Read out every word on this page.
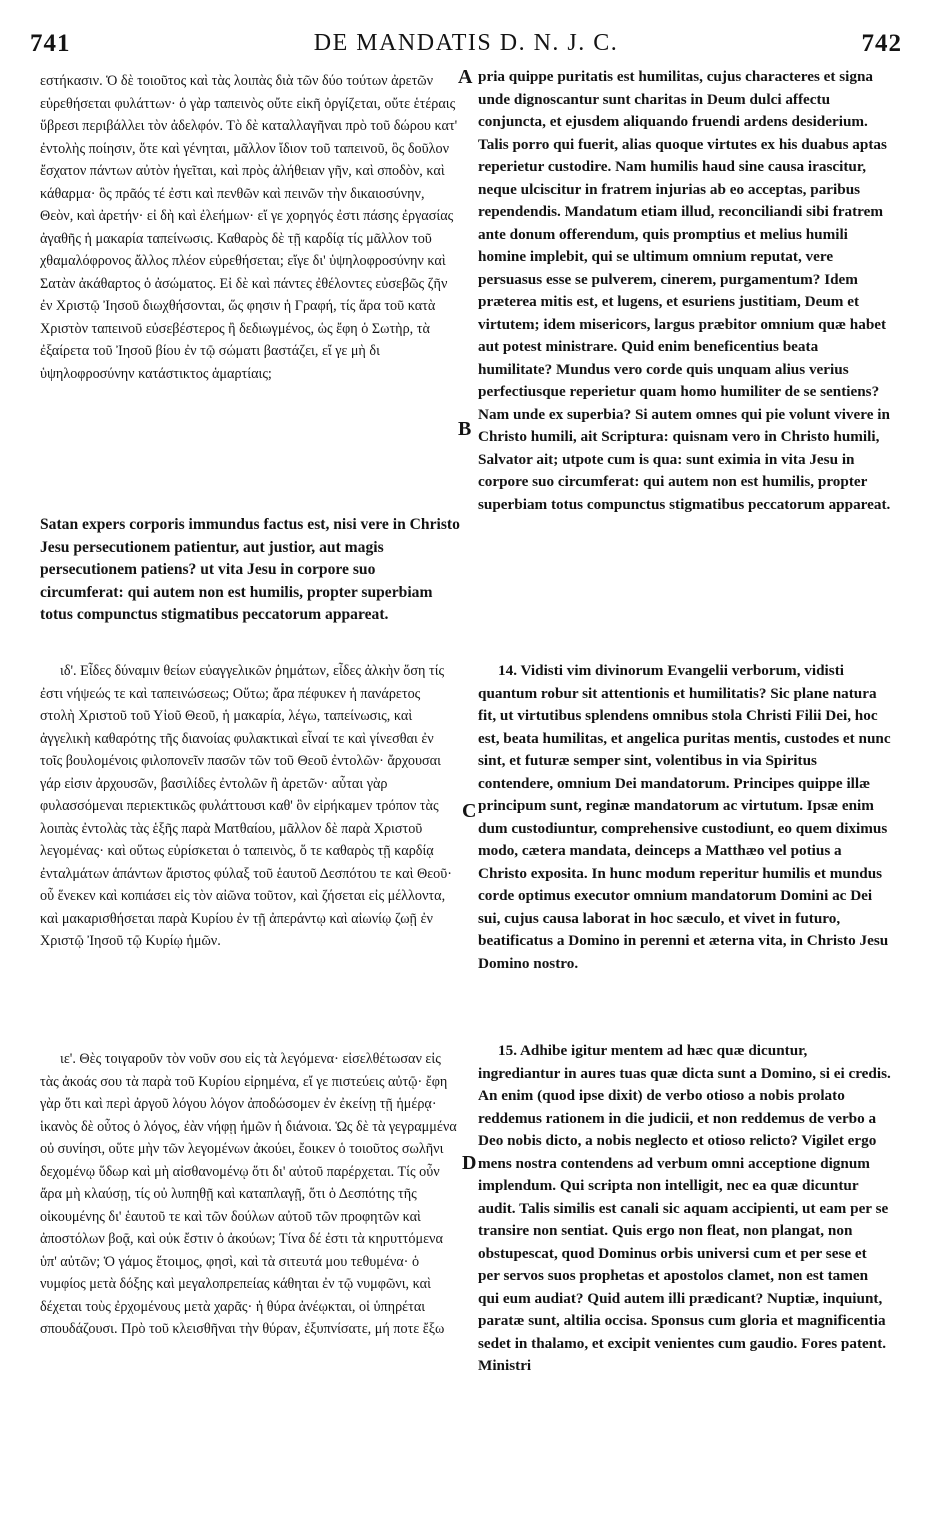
741	DE MANDATIS D. N. J. C.	742

εστήκασιν. Ὁ δὲ τοιοῦτος καὶ τὰς λοιπὰς διὰ τῶν δύο τούτων ἀρετῶν εὑρεθήσεται φυλάττων· ὁ γὰρ ταπεινὸς οὔτε εἰκῆ ὀργίζεται, οὔτε ἑτέραις ὕβρεσι περιβάλλει τὸν ἀδελφόν. Τὸ δὲ καταλλαγῆναι πρὸ τοῦ δώρου κατ' ἐντολὴς ποίησιν, ὅτε καὶ γένηται, μᾶλλον ἴδιον τοῦ ταπεινοῦ, ὃς δοῦλον ἔσχατον πάντων αὐτὸν ἡγεῖται, καὶ πρὸς ἀλήθειαν γῆν, καὶ σποδὸν, καὶ κάθαρμα· ὃς πρᾶός τέ ἐστι καὶ πενθῶν καὶ πεινῶν τὴν δικαιοσύνην, Θεὸν, καὶ ἀρετήν· εἰ δὴ καὶ ἐλεήμων· εἴ γε χορηγός ἐστι πάσης ἐργασίας ἀγαθῆς ἡ μακαρία ταπείνωσις. Καθαρὸς δὲ τῇ καρδίᾳ τίς μᾶλλον τοῦ χθαμαλόφρονος ἄλλος πλέον εὑρεθήσεται; εἴγε δι' ὑψηλοφροσύνην καὶ Σατὰν ἀκάθαρτος ὁ ἀσώματος. Εἰ δὲ καὶ πάντες ἐθέλοντες εὐσεβῶς ζῆν ἐν Χριστῷ Ἰησοῦ διωχθήσονται, ὥς φησιν ἡ Γραφή, τίς ἄρα τοῦ κατὰ Χριστὸν ταπεινοῦ εὐσεβέστερος ἢ δεδιωγμένος, ὡς ἔφη ὁ Σωτὴρ, τὰ ἐξαίρετα τοῦ Ἰησοῦ βίου ἐν τῷ σώματι βαστάζει, εἴ γε μὴ δι ὑψηλοφροσύνην κατάστικτος ἁμαρτίαις;

pria quippe puritatis est humilitas, cujus characteres et signa unde dignoscantur sunt charitas in Deum dulci affectu conjuncta, et ejusdem aliquando fruendi ardens desiderium. Talis porro qui fuerit, alias quoque virtutes ex his duabus aptas reperietur custodire. Nam humilis haud sine causa irascitur, neque ulciscitur in fratrem injurias ab eo acceptas, paribus rependendis. Mandatum etiam illud, reconciliandi sibi fratrem ante donum offerendum, quis promptius et melius humili homine implebit, qui se ultimum omnium reputat, vere persuasus esse se pulverem, cinerem, purgamentum? Idem præterea mitis est, et lugens, et esuriens justitiam, Deum et virtutem; idem misericors, largus præbitor omnium quæ habet aut potest ministrare. Quid enim beneficentius beata humilitate? Mundus vero corde quis unquam alius verius perfectiusque reperietur quam homo humiliter de se sentiens? Nam unde ex superbia? Si autem omnes qui pie volunt vivere in Christo humili, ait Scriptura: quisnam vero in Christo humili, Salvator ait; utpote cum is qua: sunt eximia in vita Jesu in corpore suo circumferat: qui autem non est humilis, propter superbiam totus compunctus stigmatibus peccatorum appareat.

Satan expers corporis immundus factus est, nisi vere in Christo Jesu persecutionem patientur, aut justior, aut magis persecutionem patiens? ut vita Jesu in corpore suo circumferat: qui autem non est humilis, propter superbiam totus compunctus stigmatibus peccatorum appareat.

ιδ'. Εἶδες δύναμιν θείων εὐαγγελικῶν ῥημάτων, εἶδες ἀλκὴν ὅση τίς ἐστι νήψεώς τε καὶ ταπεινώσεως; Οὕτω; ἄρα πέφυκεν ἡ πανάρετος στολὴ Χριστοῦ τοῦ Υἱοῦ Θεοῦ, ἡ μακαρία, λέγω, ταπείνωσις, καὶ ἀγγελικὴ καθαρότης τῆς διανοίας φυλακτικαὶ εἶναί τε καὶ γίνεσθαι ἐν τοῖς βουλομένοις φιλοπονεῖν πασῶν τῶν τοῦ Θεοῦ ἐντολῶν· ἄρχουσαι γάρ εἰσιν ἀρχουσῶν, βασιλίδες ἐντολῶν ἢ ἀρετῶν· αὗται γὰρ φυλασσόμεναι περιεκτικῶς φυλάττουσι καθ' ὃν εἰρήκαμεν τρόπον τὰς λοιπὰς ἐντολὰς τὰς ἑξῆς παρὰ Ματθαίου, μᾶλλον δὲ παρὰ Χριστοῦ λεγομένας· καὶ οὕτως εὑρίσκεται ὁ ταπεινὸς, ὅ τε καθαρὸς τῇ καρδίᾳ ἐνταλμάτων ἁπάντων ἄριστος φύλαξ τοῦ ἑαυτοῦ Δεσπότου τε καὶ Θεοῦ· οὗ ἕνεκεν καὶ κοπιάσει εἰς τὸν αἰῶνα τοῦτον, καὶ ζήσεται εἰς μέλλοντα, καὶ μακαρισθήσεται παρὰ Κυρίου ἐν τῇ ἀπεράντῳ καὶ αἰωνίῳ ζωῇ ἐν Χριστῷ Ἰησοῦ τῷ Κυρίῳ ἡμῶν.

14. Vidisti vim divinorum Evangelii verborum, vidisti quantum robur sit attentionis et humilitatis? Sic plane natura fit, ut virtutibus splendens omnibus stola Christi Filii Dei, hoc est, beata humilitas, et angelica puritas mentis, custodes et nunc sint, et futuræ semper sint, volentibus in via Spiritus contendere, omnium Dei mandatorum. Principes quippe illæ principum sunt, reginæ mandatorum ac virtutum. Ipsæ enim dum custodiuntur, comprehensive custodiunt, eo quem diximus modo, cætera mandata, deinceps a Matthæo vel potius a Christo exposita. In hunc modum reperitur humilis et mundus corde optimus executor omnium mandatorum Domini ac Dei sui, cujus causa laborat in hoc sæculo, et vivet in futuro, beatificatus a Domino in perenni et æterna vita, in Christo Jesu Domino nostro.

ιε'. Θὲς τοιγαροῦν τὸν νοῦν σου εἰς τὰ λεγόμενα· εἰσελθέτωσαν εἰς τὰς ἀκοάς σου τὰ παρὰ τοῦ Κυρίου εἰρημένα, εἴ γε πιστεύεις αὐτῷ· ἔφη γὰρ ὅτι καὶ περὶ ἀργοῦ λόγου λόγον ἀποδώσομεν ἐν ἐκείνῃ τῇ ἡμέρᾳ· ἱκανὸς δὲ οὗτος ὁ λόγος, ἐὰν νήφῃ ἡμῶν ἡ διάνοια. Ὡς δὲ τὰ γεγραμμένα οὐ συνίησι, οὕτε μὴν τῶν λεγομένων ἀκούει, ἔοικεν ὁ τοιοῦτος σωλῆνι δεχομένῳ ὕδωρ καὶ μὴ αἰσθανομένῳ ὅτι δι' αὐτοῦ παρέρχεται. Τίς οὖν ἄρα μὴ κλαύσῃ, τίς οὐ λυπηθῇ καὶ καταπλαγῇ, ὅτι ὁ Δεσπότης τῆς οἰκουμένης δι' ἑαυτοῦ τε καὶ τῶν δούλων αὐτοῦ τῶν προφητῶν καὶ ἀποστόλων βοᾷ, καὶ οὐκ ἔστιν ὁ ἀκούων; Τίνα δέ ἐστι τὰ κηρυττόμενα ὑπ' αὐτῶν; Ὁ γάμος ἕτοιμος, φησὶ, καὶ τὰ σιτευτά μου τεθυμένα· ὁ νυμφίος μετὰ δόξης καὶ μεγαλοπρεπείας κάθηται ἐν τῷ νυμφῶνι, καὶ δέχεται τοὺς ἐρχομένους μετὰ χαρᾶς· ἡ θύρα ἀνέῳκται, οἱ ὑπηρέται σπουδάζουσι. Πρὸ τοῦ κλεισθῆναι τὴν θύραν, ἐξυπνίσατε, μή ποτε ἔξω

15. Adhibe igitur mentem ad hæc quæ dicuntur, ingrediantur in aures tuas quæ dicta sunt a Domino, si ei credis. An enim (quod ipse dixit) de verbo otioso a nobis prolato reddemus rationem in die judicii, et non reddemus de verbo a Deo nobis dicto, a nobis neglecto et otioso relicto? Vigilet ergo mens nostra contendens ad verbum omni acceptione dignum implendum. Qui scripta non intelligit, nec ea quæ dicuntur audit. Talis similis est canali sic aquam accipienti, ut eam per se transire non sentiat. Quis ergo non fleat, non plangat, non obstupescat, quod Dominus orbis universi cum et per sese et per servos suos prophetas et apostolos clamet, non est tamen qui eum audiat? Quid autem illi prædicant? Nuptiæ, inquiunt, paratæ sunt, altilia occisa. Sponsus cum gloria et magnificentia sedet in thalamo, et excipit venientes cum gaudio. Fores patent. Ministri

A
B
C
D
